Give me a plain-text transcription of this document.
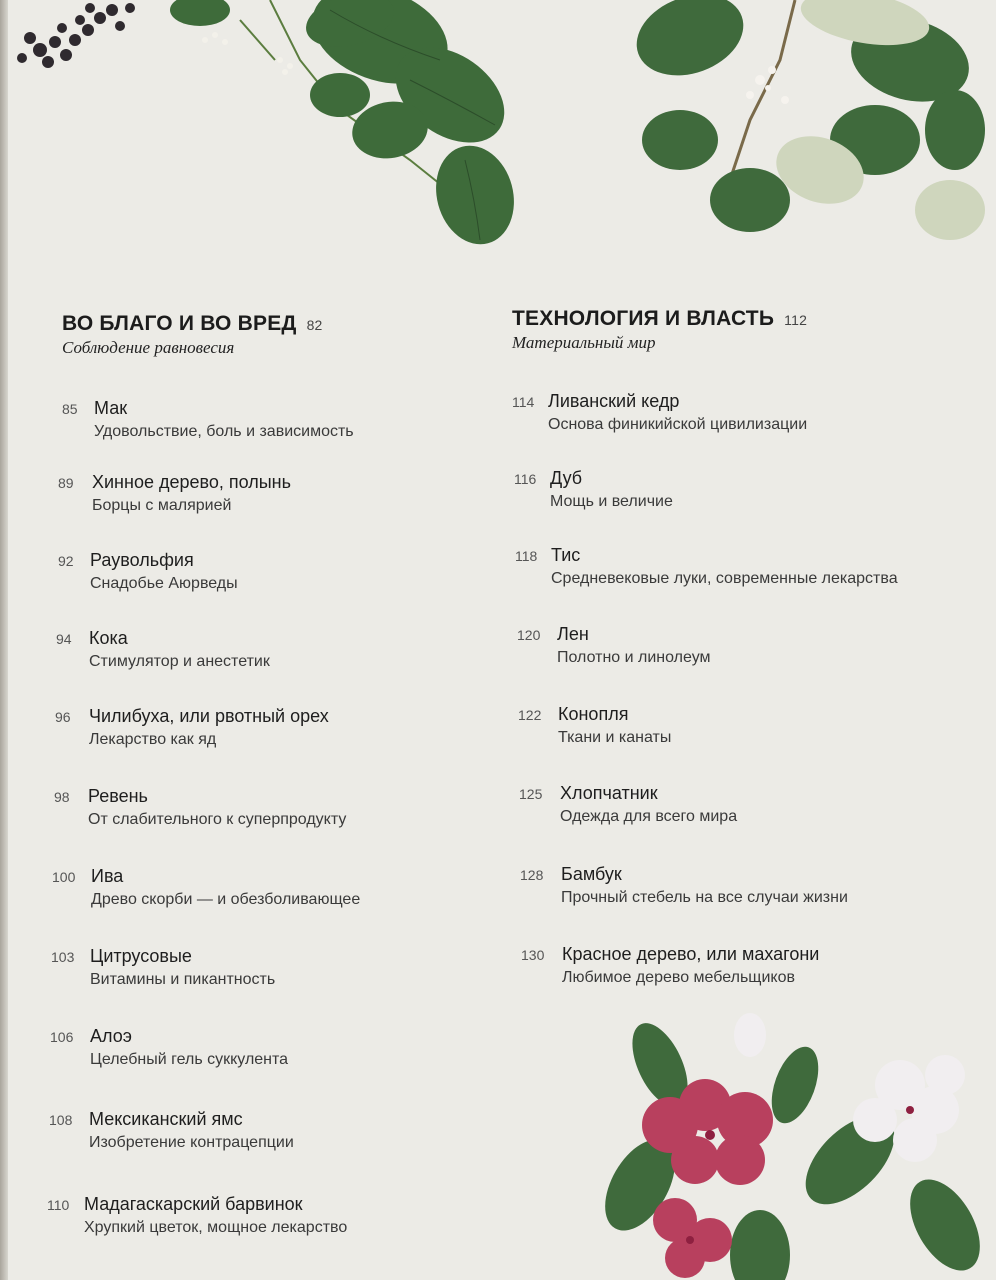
ВО БЛАГО И ВО ВРЕД 82
Соблюдение равновесия
85 Мак
Удовольствие, боль и зависимость
89 Хинное дерево, полынь
Борцы с малярией
92 Раувольфия
Снадобье Аюрведы
94 Кока
Стимулятор и анестетик
96 Чилибуха, или рвотный орех
Лекарство как яд
98 Ревень
От слабительного к суперпродукту
100 Ива
Древо скорби — и обезболивающее
103 Цитрусовые
Витамины и пикантность
106 Алоэ
Целебный гель суккулента
108 Мексиканский ямс
Изобретение контрацепции
110 Мадагаскарский барвинок
Хрупкий цветок, мощное лекарство
ТЕХНОЛОГИЯ И ВЛАСТЬ 112
Материальный мир
114 Ливанский кедр
Основа финикийской цивилизации
116 Дуб
Мощь и величие
118 Тис
Средневековые луки, современные лекарства
120 Лен
Полотно и линолеум
122 Конопля
Ткани и канаты
125 Хлопчатник
Одежда для всего мира
128 Бамбук
Прочный стебель на все случаи жизни
130 Красное дерево, или махагони
Любимое дерево мебельщиков
